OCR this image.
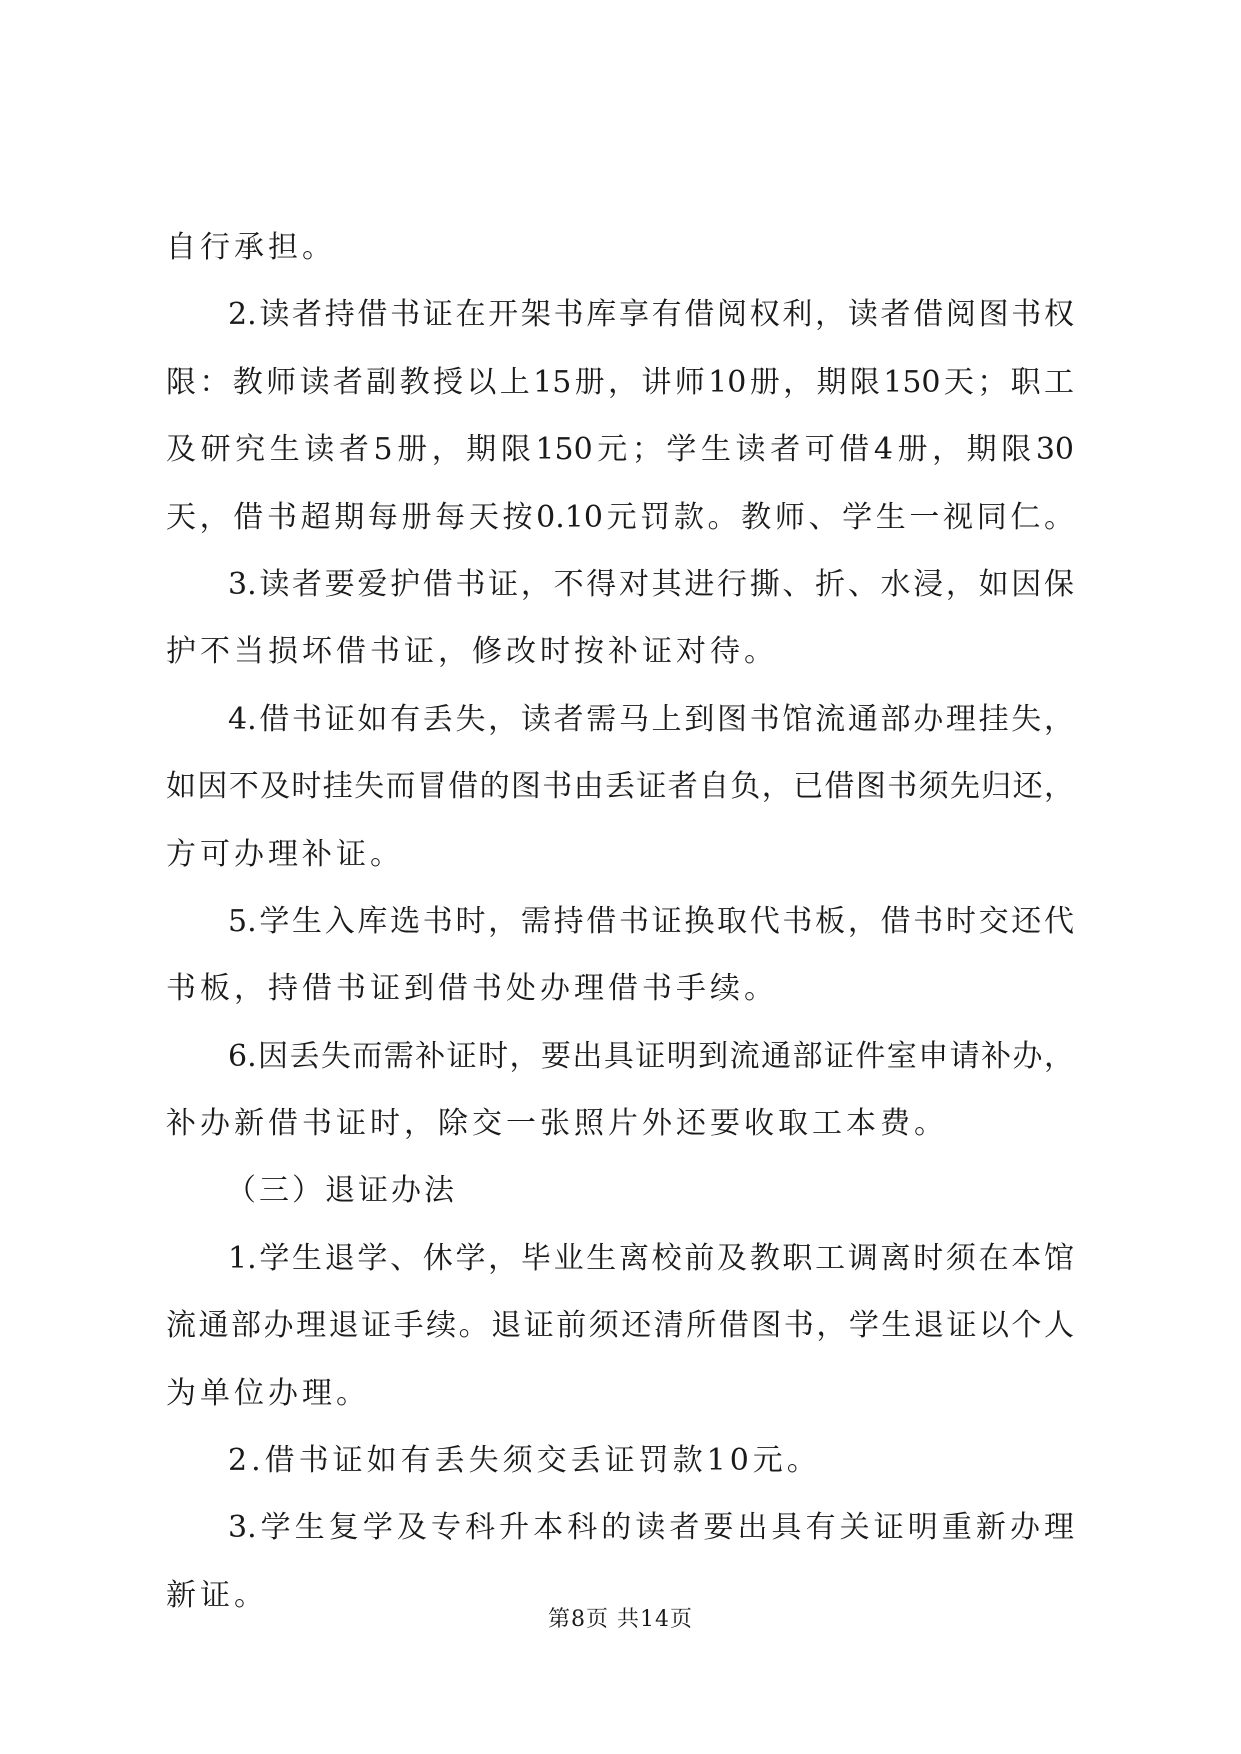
自行承担。
2.读者持借书证在开架书库享有借阅权利，读者借阅图书权
限：教师读者副教授以上15册，讲师10册，期限150天；职工
及研究生读者5册，期限150元；学生读者可借4册，期限30
天，借书超期每册每天按0.10元罚款。教师、学生一视同仁。
3.读者要爱护借书证，不得对其进行撕、折、水浸，如因保
护不当损坏借书证，修改时按补证对待。
4.借书证如有丢失，读者需马上到图书馆流通部办理挂失，
如因不及时挂失而冒借的图书由丢证者自负，已借图书须先归还，
方可办理补证。
5.学生入库选书时，需持借书证换取代书板，借书时交还代
书板，持借书证到借书处办理借书手续。
6.因丢失而需补证时，要出具证明到流通部证件室申请补办，
补办新借书证时，除交一张照片外还要收取工本费。
（三）退证办法
1.学生退学、休学，毕业生离校前及教职工调离时须在本馆
流通部办理退证手续。退证前须还清所借图书，学生退证以个人
为单位办理。
2.借书证如有丢失须交丢证罚款10元。
3.学生复学及专科升本科的读者要出具有关证明重新办理
新证。
第8页 共14页
